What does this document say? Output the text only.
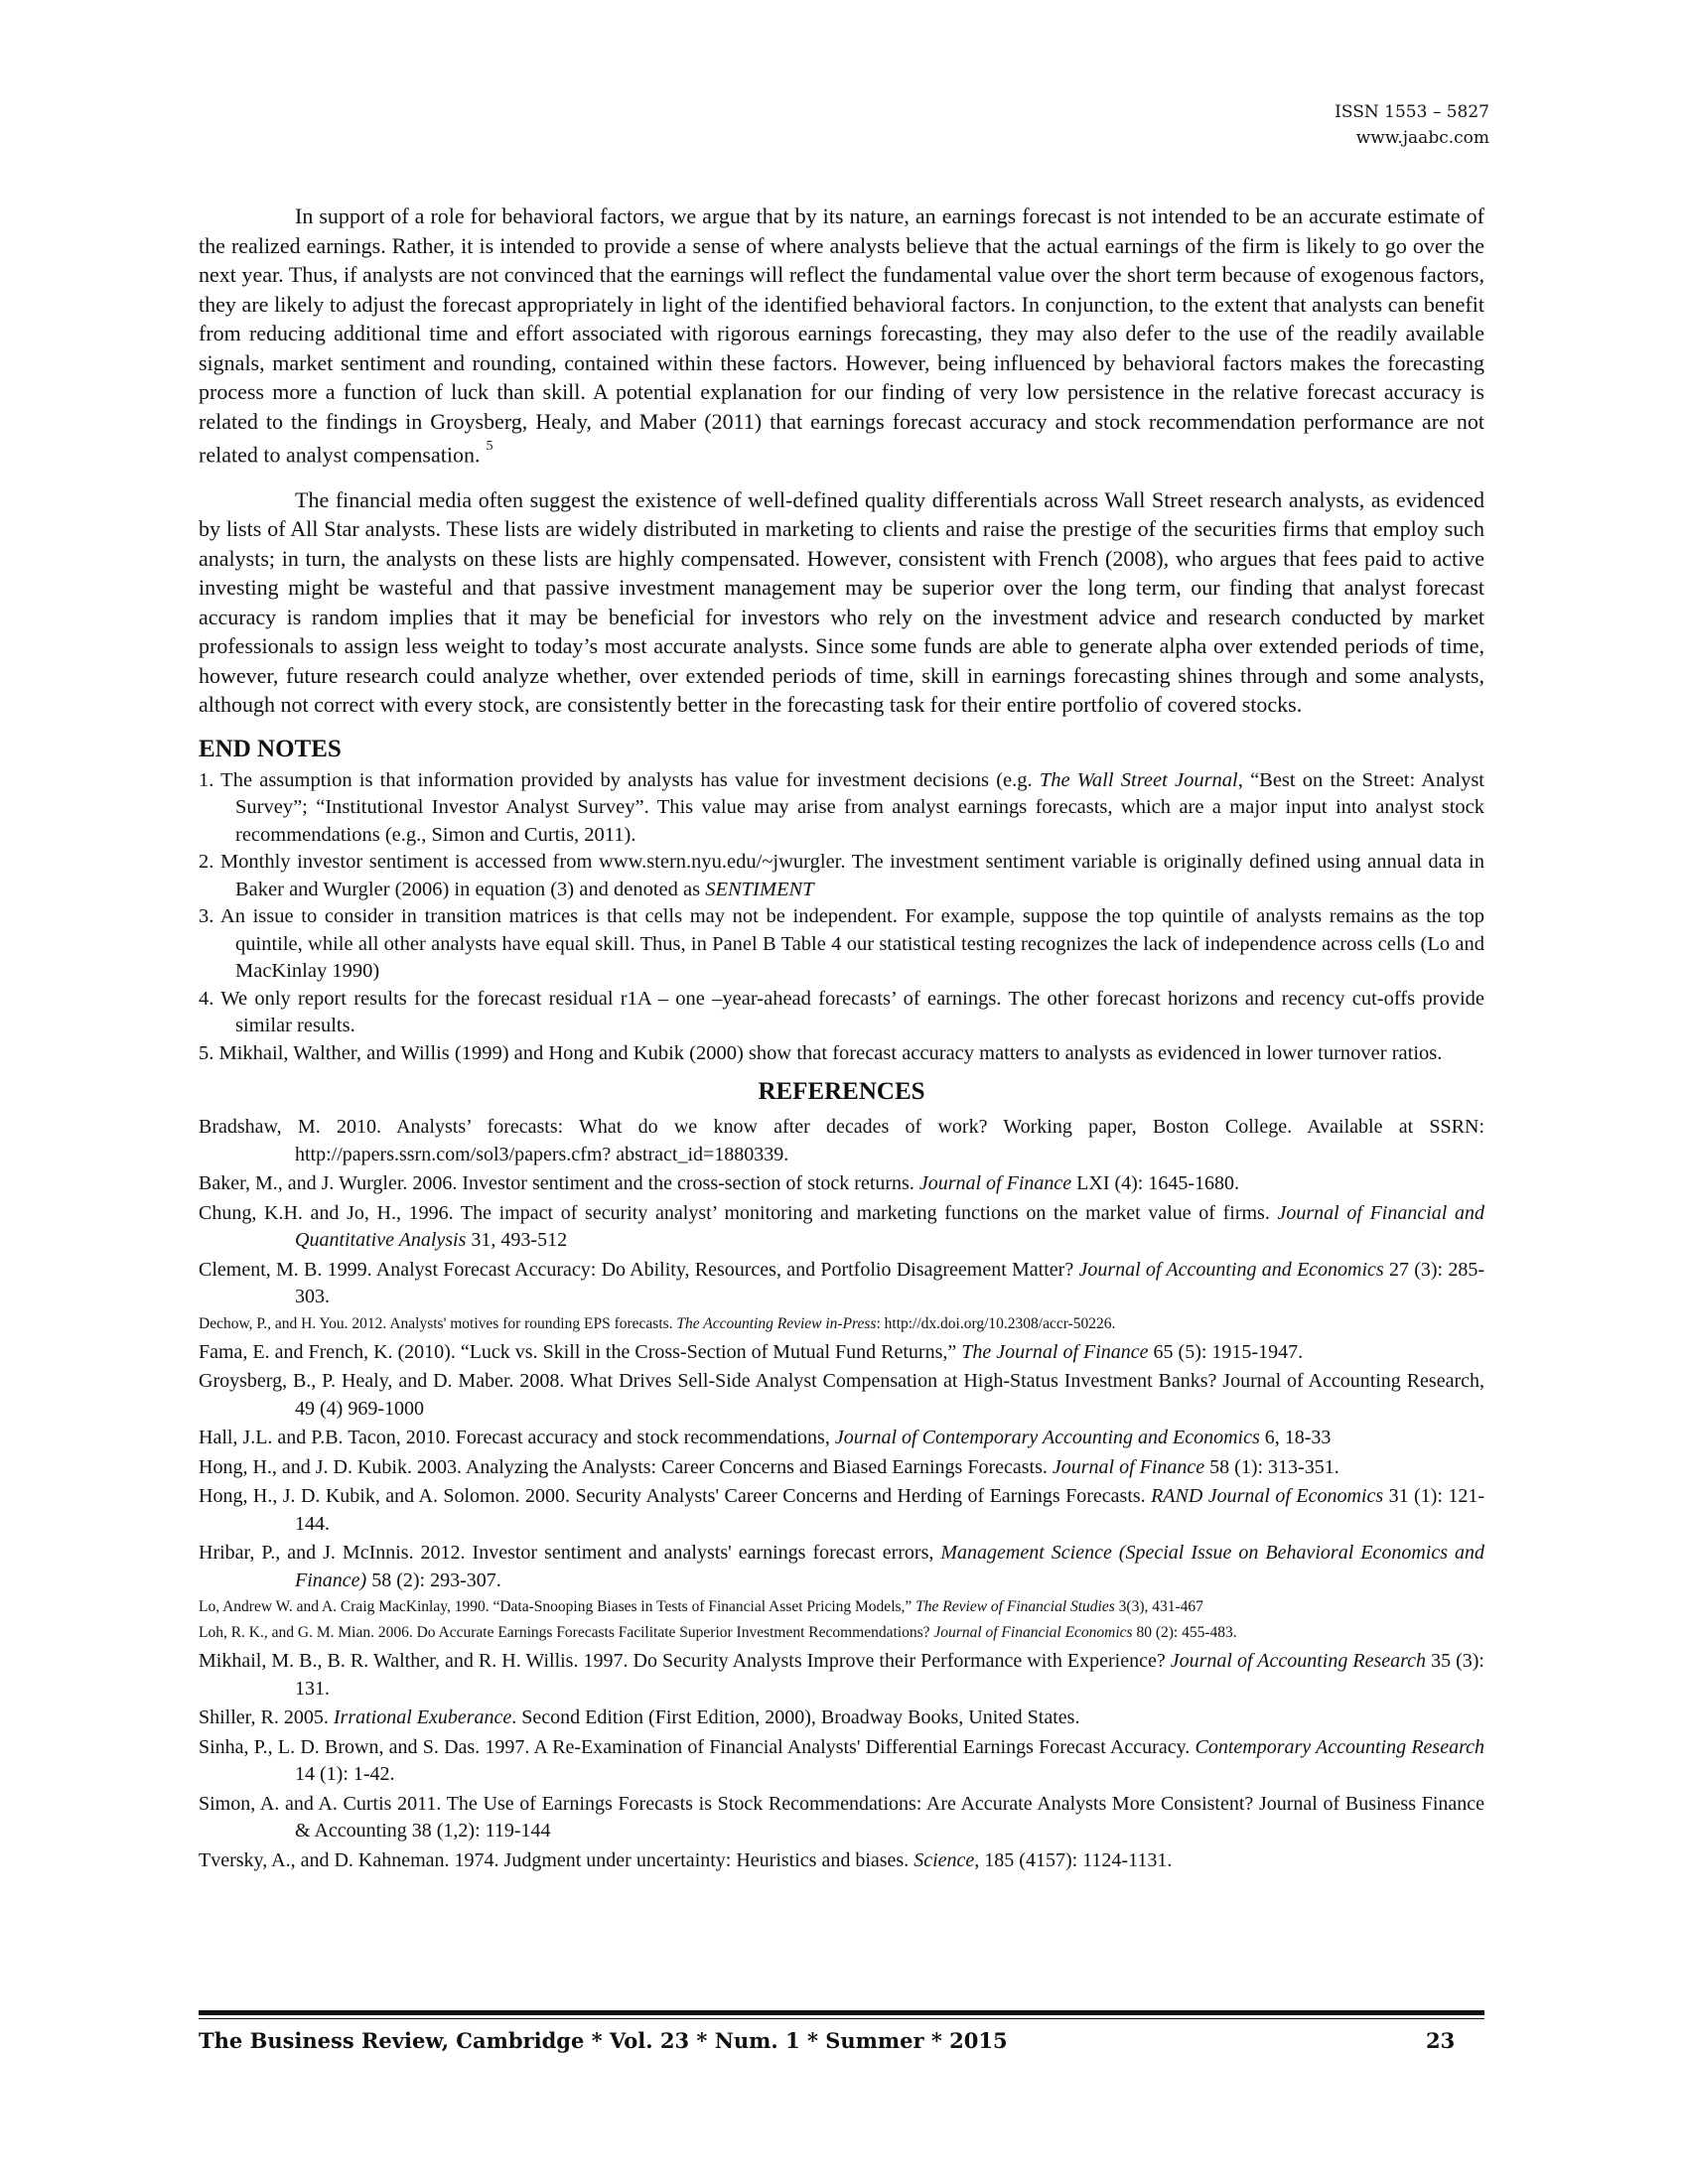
ISSN 1553 – 5827
www.jaabc.com

In support of a role for behavioral factors, we argue that by its nature, an earnings forecast is not intended to be an accurate estimate of the realized earnings. Rather, it is intended to provide a sense of where analysts believe that the actual earnings of the firm is likely to go over the next year. Thus, if analysts are not convinced that the earnings will reflect the fundamental value over the short term because of exogenous factors, they are likely to adjust the forecast appropriately in light of the identified behavioral factors. In conjunction, to the extent that analysts can benefit from reducing additional time and effort associated with rigorous earnings forecasting, they may also defer to the use of the readily available signals, market sentiment and rounding, contained within these factors. However, being influenced by behavioral factors makes the forecasting process more a function of luck than skill. A potential explanation for our finding of very low persistence in the relative forecast accuracy is related to the findings in Groysberg, Healy, and Maber (2011) that earnings forecast accuracy and stock recommendation performance are not related to analyst compensation. $^5$

The financial media often suggest the existence of well-defined quality differentials across Wall Street research analysts, as evidenced by lists of All Star analysts. These lists are widely distributed in marketing to clients and raise the prestige of the securities firms that employ such analysts; in turn, the analysts on these lists are highly compensated. However, consistent with French (2008), who argues that fees paid to active investing might be wasteful and that passive investment management may be superior over the long term, our finding that analyst forecast accuracy is random implies that it may be beneficial for investors who rely on the investment advice and research conducted by market professionals to assign less weight to today’s most accurate analysts. Since some funds are able to generate alpha over extended periods of time, however, future research could analyze whether, over extended periods of time, skill in earnings forecasting shines through and some analysts, although not correct with every stock, are consistently better in the forecasting task for their entire portfolio of covered stocks.

END NOTES
1. The assumption is that information provided by analysts has value for investment decisions (e.g. The Wall Street Journal, “Best on the Street: Analyst Survey”; “Institutional Investor Analyst Survey”. This value may arise from analyst earnings forecasts, which are a major input into analyst stock recommendations (e.g., Simon and Curtis, 2011).
2. Monthly investor sentiment is accessed from www.stern.nyu.edu/~jwurgler. The investment sentiment variable is originally defined using annual data in Baker and Wurgler (2006) in equation (3) and denoted as SENTIMENT
3. An issue to consider in transition matrices is that cells may not be independent. For example, suppose the top quintile of analysts remains as the top quintile, while all other analysts have equal skill. Thus, in Panel B Table 4 our statistical testing recognizes the lack of independence across cells (Lo and MacKinlay 1990)
4. We only report results for the forecast residual r1A – one –year-ahead forecasts’ of earnings. The other forecast horizons and recency cut-offs provide similar results.
5. Mikhail, Walther, and Willis (1999) and Hong and Kubik (2000) show that forecast accuracy matters to analysts as evidenced in lower turnover ratios.
REFERENCES
Bradshaw, M. 2010. Analysts’ forecasts: What do we know after decades of work? Working paper, Boston College. Available at SSRN: http://papers.ssrn.com/sol3/papers.cfm? abstract_id=1880339.
Baker, M., and J. Wurgler. 2006. Investor sentiment and the cross-section of stock returns. Journal of Finance LXI (4): 1645-1680.
Chung, K.H. and Jo, H., 1996. The impact of security analyst’ monitoring and marketing functions on the market value of firms. Journal of Financial and Quantitative Analysis 31, 493-512
Clement, M. B. 1999. Analyst Forecast Accuracy: Do Ability, Resources, and Portfolio Disagreement Matter? Journal of Accounting and Economics 27 (3): 285-303.
Dechow, P., and H. You. 2012. Analysts' motives for rounding EPS forecasts. The Accounting Review in-Press: http://dx.doi.org/10.2308/accr-50226.
Fama, E. and French, K. (2010). “Luck vs. Skill in the Cross-Section of Mutual Fund Returns,” The Journal of Finance 65 (5): 1915-1947.
Groysberg, B., P. Healy, and D. Maber. 2008. What Drives Sell-Side Analyst Compensation at High-Status Investment Banks? Journal of Accounting Research, 49 (4) 969-1000
Hall, J.L. and P.B. Tacon, 2010. Forecast accuracy and stock recommendations, Journal of Contemporary Accounting and Economics 6, 18-33
Hong, H., and J. D. Kubik. 2003. Analyzing the Analysts: Career Concerns and Biased Earnings Forecasts. Journal of Finance 58 (1): 313-351.
Hong, H., J. D. Kubik, and A. Solomon. 2000. Security Analysts' Career Concerns and Herding of Earnings Forecasts. RAND Journal of Economics 31 (1): 121-144.
Hribar, P., and J. McInnis. 2012. Investor sentiment and analysts' earnings forecast errors, Management Science (Special Issue on Behavioral Economics and Finance) 58 (2): 293-307.
Lo, Andrew W. and A. Craig MacKinlay, 1990. “Data-Snooping Biases in Tests of Financial Asset Pricing Models,” The Review of Financial Studies 3(3), 431-467
Loh, R. K., and G. M. Mian. 2006. Do Accurate Earnings Forecasts Facilitate Superior Investment Recommendations? Journal of Financial Economics 80 (2): 455-483.
Mikhail, M. B., B. R. Walther, and R. H. Willis. 1997. Do Security Analysts Improve their Performance with Experience? Journal of Accounting Research 35 (3): 131.
Shiller, R. 2005. Irrational Exuberance. Second Edition (First Edition, 2000), Broadway Books, United States.
Sinha, P., L. D. Brown, and S. Das. 1997. A Re-Examination of Financial Analysts' Differential Earnings Forecast Accuracy. Contemporary Accounting Research 14 (1): 1-42.
Simon, A. and A. Curtis 2011. The Use of Earnings Forecasts is Stock Recommendations: Are Accurate Analysts More Consistent? Journal of Business Finance & Accounting 38 (1,2): 119-144
Tversky, A., and D. Kahneman. 1974. Judgment under uncertainty: Heuristics and biases. Science, 185 (4157): 1124-1131.
The Business Review, Cambridge * Vol. 23 * Num. 1 * Summer * 2015	23
